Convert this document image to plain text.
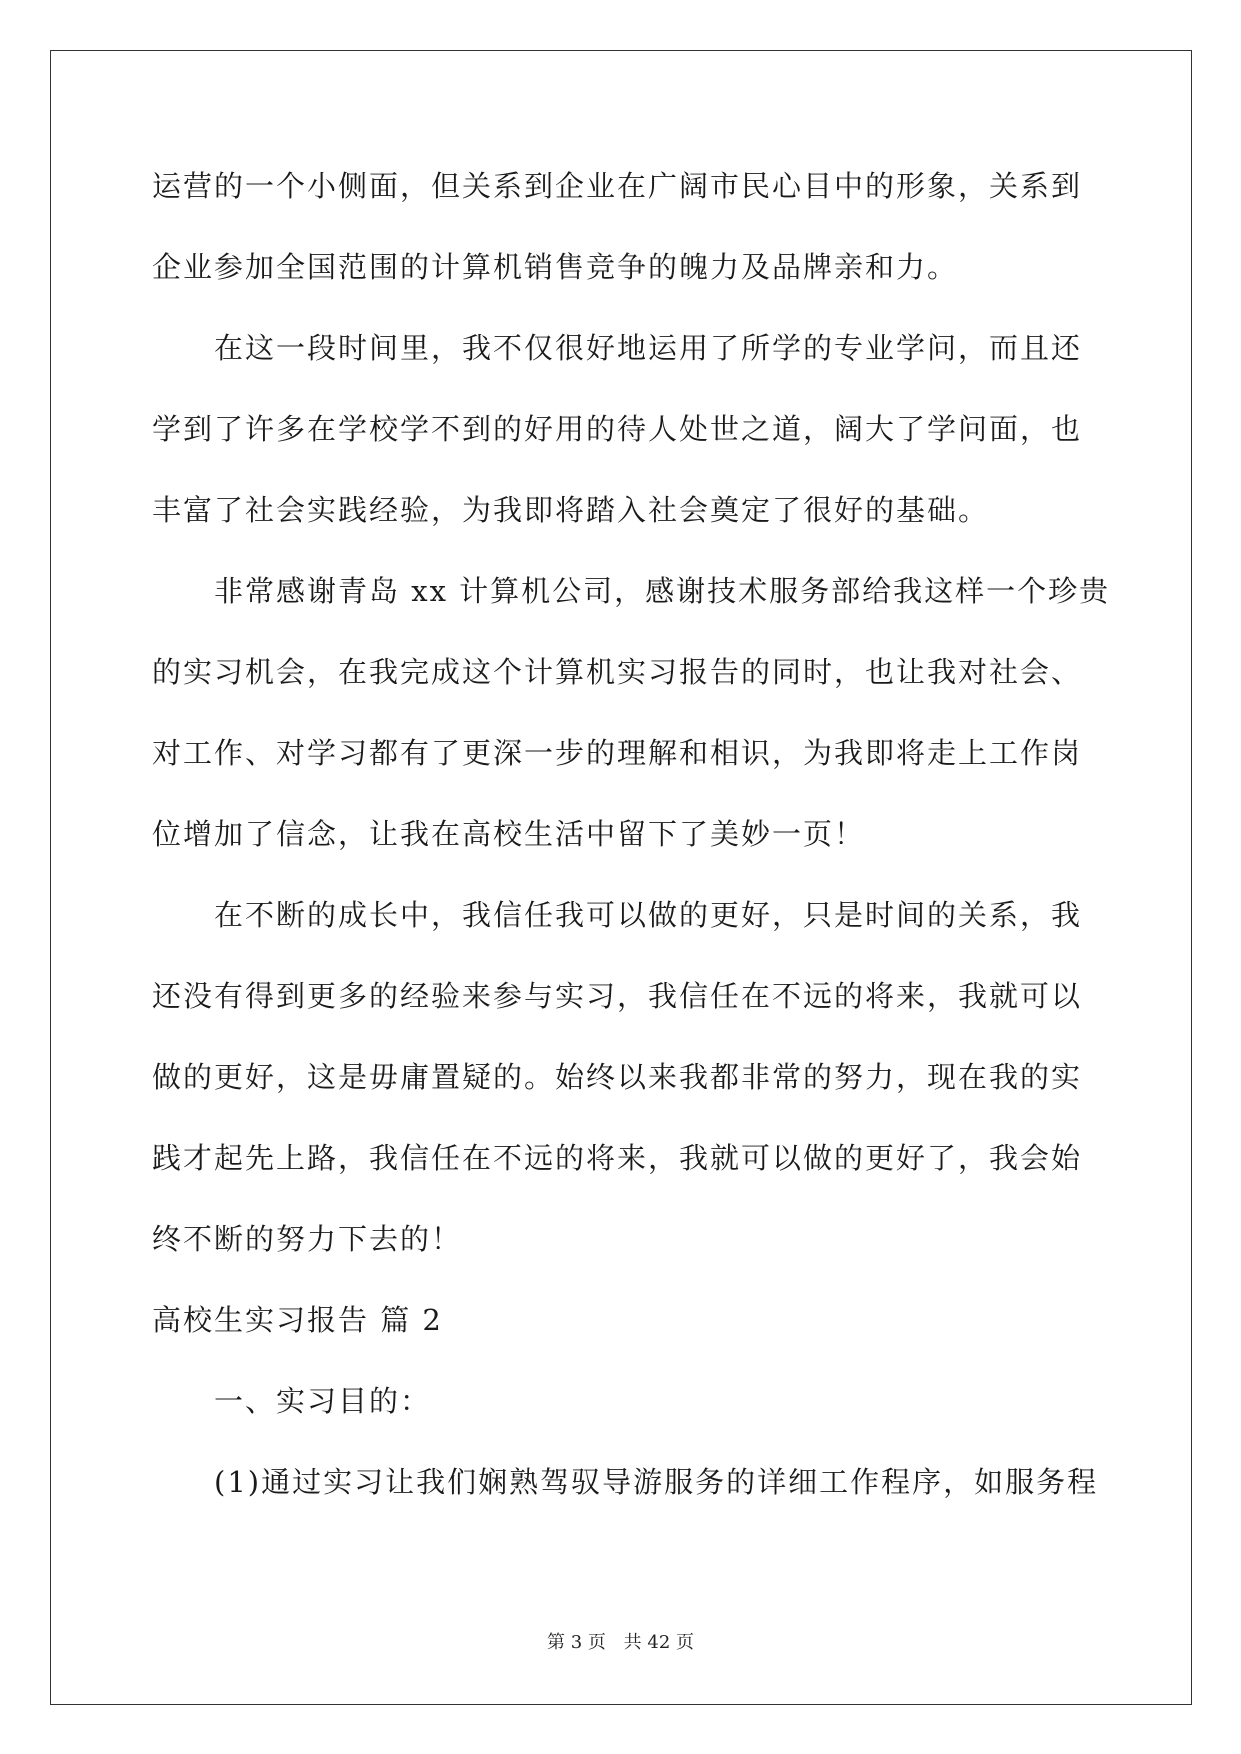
运营的一个小侧面，但关系到企业在广阔市民心目中的形象，关系到
企业参加全国范围的计算机销售竞争的魄力及品牌亲和力。
在这一段时间里，我不仅很好地运用了所学的专业学问，而且还
学到了许多在学校学不到的好用的待人处世之道，阔大了学问面，也
丰富了社会实践经验，为我即将踏入社会奠定了很好的基础。
非常感谢青岛 xx 计算机公司，感谢技术服务部给我这样一个珍贵
的实习机会，在我完成这个计算机实习报告的同时，也让我对社会、
对工作、对学习都有了更深一步的理解和相识，为我即将走上工作岗
位增加了信念，让我在高校生活中留下了美妙一页！
在不断的成长中，我信任我可以做的更好，只是时间的关系，我
还没有得到更多的经验来参与实习，我信任在不远的将来，我就可以
做的更好，这是毋庸置疑的。始终以来我都非常的努力，现在我的实
践才起先上路，我信任在不远的将来，我就可以做的更好了，我会始
终不断的努力下去的！
高校生实习报告 篇 2
一、实习目的：
(1)通过实习让我们娴熟驾驭导游服务的详细工作程序，如服务程
第 3 页 共 42 页
